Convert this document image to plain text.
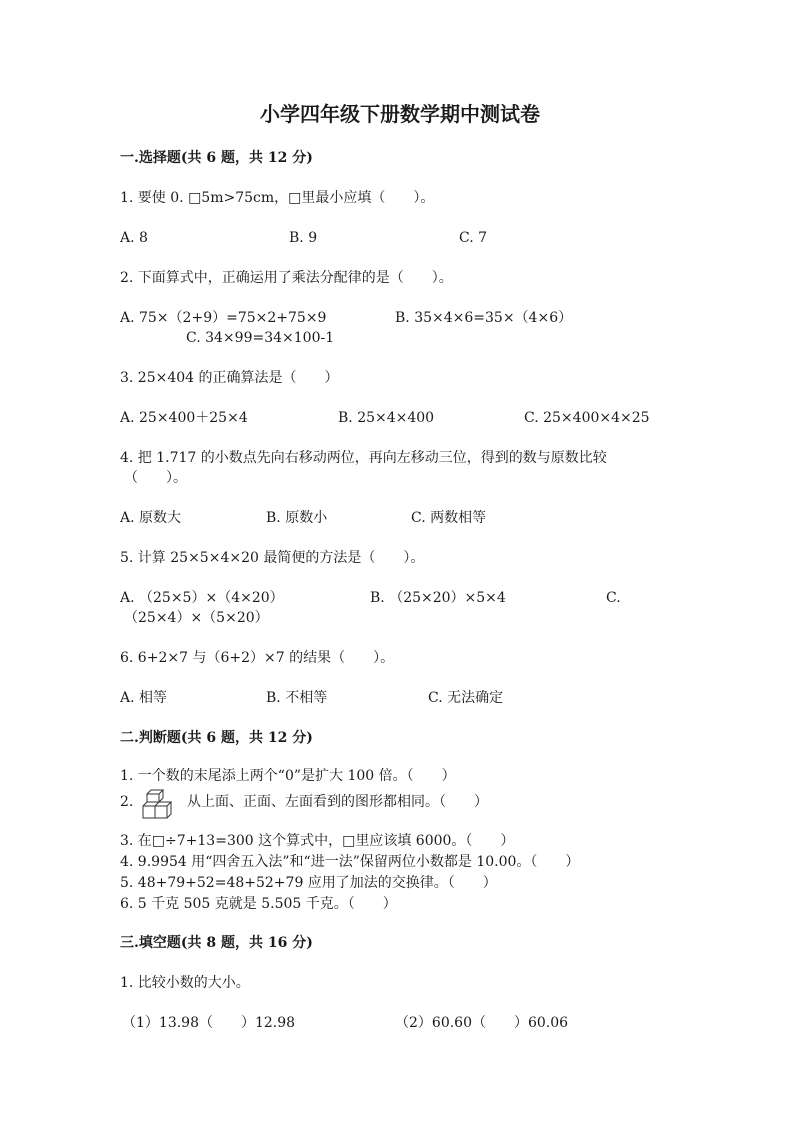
小学四年级下册数学期中测试卷
一.选择题(共 6 题，共 12 分)
1. 要使 0. □5m>75cm，□里最小应填（　　）。
A. 8	B. 9	C. 7
2. 下面算式中，正确运用了乘法分配律的是（　　）。
A. 75×（2+9）=75×2+75×9	B. 35×4×6=35×（4×6）
C. 34×99=34×100-1
3. 25×404 的正确算法是（　　）
A. 25×400＋25×4	B. 25×4×400	C. 25×400×4×25
4. 把 1.717 的小数点先向右移动两位，再向左移动三位，得到的数与原数比较
（　　）。
A. 原数大	B. 原数小	C. 两数相等
5. 计算 25×5×4×20 最简便的方法是（　　）。
A. （25×5）×（4×20）	B. （25×20）×5×4	C.
（25×4）×（5×20）
6. 6+2×7 与（6+2）×7 的结果（　　）。
A. 相等	B. 不相等	C. 无法确定
二.判断题(共 6 题，共 12 分)
1. 一个数的末尾添上两个“0”是扩大 100 倍。（　　）
2.	从上面、正面、左面看到的图形都相同。（　　）
3. 在□÷7+13=300 这个算式中，□里应该填 6000。（　　）
4. 9.9954 用“四舍五入法”和“进一法”保留两位小数都是 10.00。（　　）
5. 48+79+52=48+52+79 应用了加法的交换律。（　　）
6. 5 千克 505 克就是 5.505 千克。（　　）
三.填空题(共 8 题，共 16 分)
1. 比较小数的大小。
（1）13.98（　　）12.98	（2）60.60（　　）60.06
